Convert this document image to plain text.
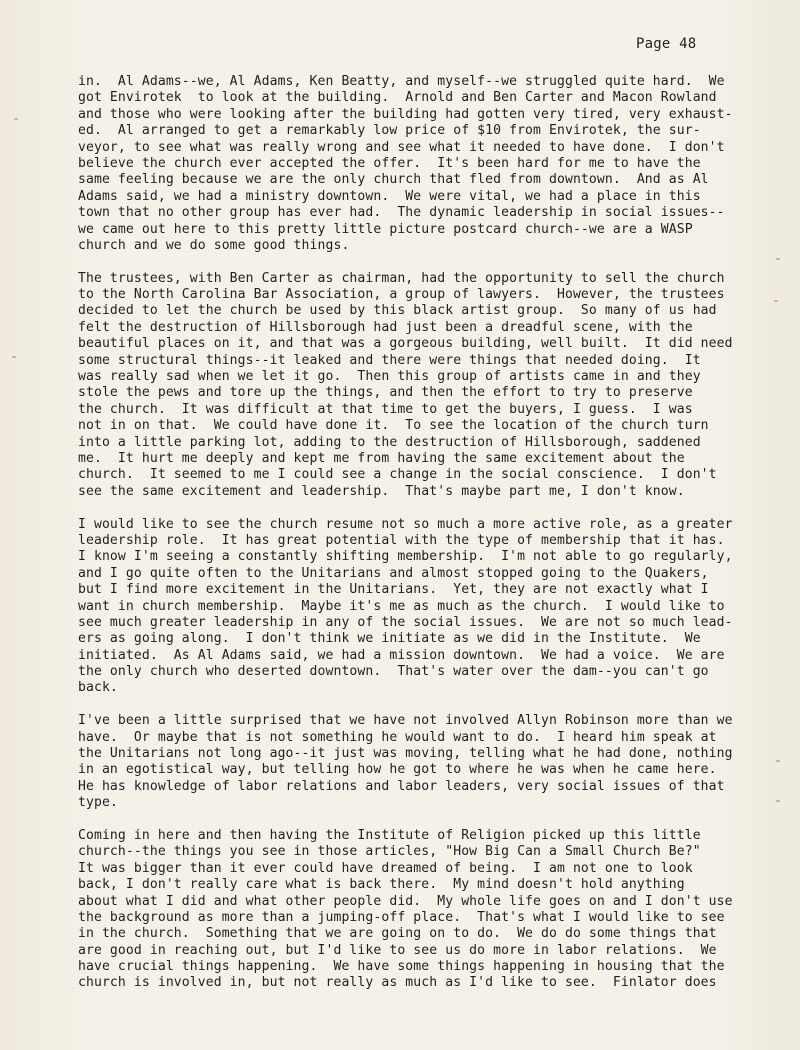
Page 48
in.  Al Adams--we, Al Adams, Ken Beatty, and myself--we struggled quite hard.  We
got Envirotek  to look at the building.  Arnold and Ben Carter and Macon Rowland
and those who were looking after the building had gotten very tired, very exhaust-
ed.  Al arranged to get a remarkably low price of $10 from Envirotek, the sur-
veyor, to see what was really wrong and see what it needed to have done.  I don't
believe the church ever accepted the offer.  It's been hard for me to have the
same feeling because we are the only church that fled from downtown.  And as Al
Adams said, we had a ministry downtown.  We were vital, we had a place in this
town that no other group has ever had.  The dynamic leadership in social issues--
we came out here to this pretty little picture postcard church--we are a WASP
church and we do some good things.
The trustees, with Ben Carter as chairman, had the opportunity to sell the church
to the North Carolina Bar Association, a group of lawyers.  However, the trustees
decided to let the church be used by this black artist group.  So many of us had
felt the destruction of Hillsborough had just been a dreadful scene, with the
beautiful places on it, and that was a gorgeous building, well built.  It did need
some structural things--it leaked and there were things that needed doing.  It
was really sad when we let it go.  Then this group of artists came in and they
stole the pews and tore up the things, and then the effort to try to preserve
the church.  It was difficult at that time to get the buyers, I guess.  I was
not in on that.  We could have done it.  To see the location of the church turn
into a little parking lot, adding to the destruction of Hillsborough, saddened
me.  It hurt me deeply and kept me from having the same excitement about the
church.  It seemed to me I could see a change in the social conscience.  I don't
see the same excitement and leadership.  That's maybe part me, I don't know.
I would like to see the church resume not so much a more active role, as a greater
leadership role.  It has great potential with the type of membership that it has.
I know I'm seeing a constantly shifting membership.  I'm not able to go regularly,
and I go quite often to the Unitarians and almost stopped going to the Quakers,
but I find more excitement in the Unitarians.  Yet, they are not exactly what I
want in church membership.  Maybe it's me as much as the church.  I would like to
see much greater leadership in any of the social issues.  We are not so much lead-
ers as going along.  I don't think we initiate as we did in the Institute.  We
initiated.  As Al Adams said, we had a mission downtown.  We had a voice.  We are
the only church who deserted downtown.  That's water over the dam--you can't go
back.
I've been a little surprised that we have not involved Allyn Robinson more than we
have.  Or maybe that is not something he would want to do.  I heard him speak at
the Unitarians not long ago--it just was moving, telling what he had done, nothing
in an egotistical way, but telling how he got to where he was when he came here.
He has knowledge of labor relations and labor leaders, very social issues of that
type.
Coming in here and then having the Institute of Religion picked up this little
church--the things you see in those articles, "How Big Can a Small Church Be?"
It was bigger than it ever could have dreamed of being.  I am not one to look
back, I don't really care what is back there.  My mind doesn't hold anything
about what I did and what other people did.  My whole life goes on and I don't use
the background as more than a jumping-off place.  That's what I would like to see
in the church.  Something that we are going on to do.  We do do some things that
are good in reaching out, but I'd like to see us do more in labor relations.  We
have crucial things happening.  We have some things happening in housing that the
church is involved in, but not really as much as I'd like to see.  Finlator does
